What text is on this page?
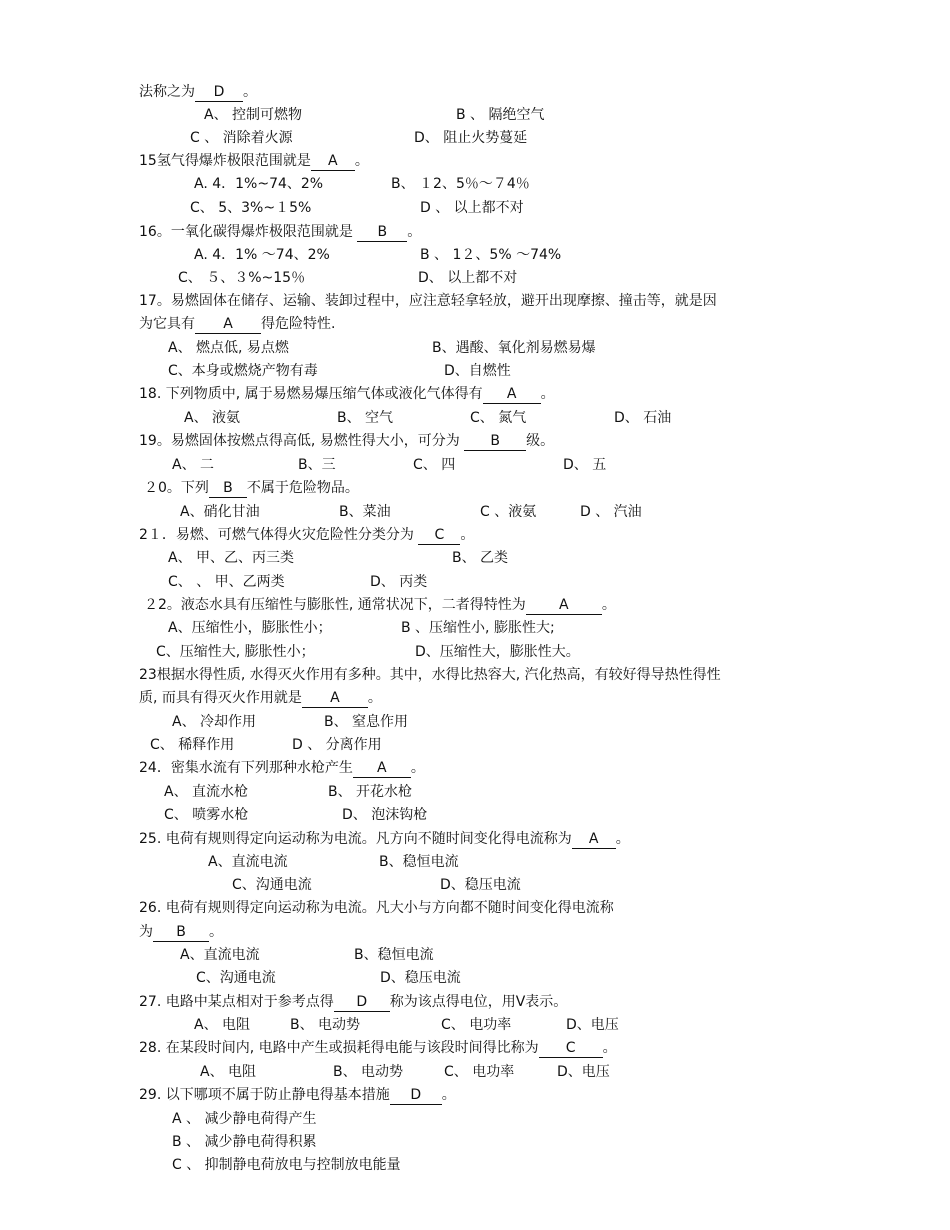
法称之为 D 。
A、 控制可燃物	B 、 隔绝空气
C 、 消除着火源	D、 阻止火势蔓延
15氢气得爆炸极限范围就是 A 。
A. 4．1%~74、2%	B、 １2、5％～７4％
C、 5、3%~１5%	D 、 以上都不对
16。一氧化碳得爆炸极限范围就是 B 。
A. 4．1% ～74、2%	B 、 1２、5% ～74%
C、 ５、３%~15％	D、 以上都不对
17。易燃固体在储存、运输、装卸过程中，应注意轻拿轻放，避开出现摩擦、撞击等，就是因
为它具有 A 得危险特性.
A、 燃点低, 易点燃	B、遇酸、氧化剂易燃易爆
C、本身或燃烧产物有毒	D、自燃性
18. 下列物质中, 属于易燃易爆压缩气体或液化气体得有 A 。
A、 液氨	B、 空气	C、 氮气	D、 石油
19。易燃固体按燃点得高低, 易燃性得大小，可分为 B 级。
A、 二	B、三	C、 四	D、 五
２0。下列 B 不属于危险物品。
A、硝化甘油	B、菜油	C 、液氨	D 、 汽油
2１．易燃、可燃气体得火灾危险性分类分为 C 。
A、 甲、乙、丙三类	B、 乙类
C、 、 甲、乙两类	D、 丙类
２2。液态水具有压缩性与膨胀性, 通常状况下，二者得特性为 A 。
A、压缩性小，膨胀性小；	B 、压缩性小, 膨胀性大;
C、压缩性大, 膨胀性小；	D、压缩性大，膨胀性大。
23根据水得性质, 水得灭火作用有多种。其中，水得比热容大, 汽化热高，有较好得导热性得性
质, 而具有得灭火作用就是 A 。
A、 冷却作用	B、 窒息作用
C、 稀释作用	D 、 分离作用
24．密集水流有下列那种水枪产生 A 。
A、 直流水枪	B、 开花水枪
C、 喷雾水枪	D、 泡沫钩枪
25. 电荷有规则得定向运动称为电流。凡方向不随时间变化得电流称为 A 。
A、直流电流	B、稳恒电流
C、沟通电流	D、稳压电流
26. 电荷有规则得定向运动称为电流。凡大小与方向都不随时间变化得电流称
为 B 。
A、直流电流	B、稳恒电流
C、沟通电流	D、稳压电流
27. 电路中某点相对于参考点得 D 称为该点得电位，用V表示。
A、 电阻	B、 电动势	C、 电功率	D、电压
28. 在某段时间内, 电路中产生或损耗得电能与该段时间得比称为 C 。
A、 电阻	B、 电动势	C、 电功率	D、电压
29. 以下哪项不属于防止静电得基本措施 D 。
A 、 减少静电荷得产生
B 、 减少静电荷得积累
C 、 抑制静电荷放电与控制放电能量
